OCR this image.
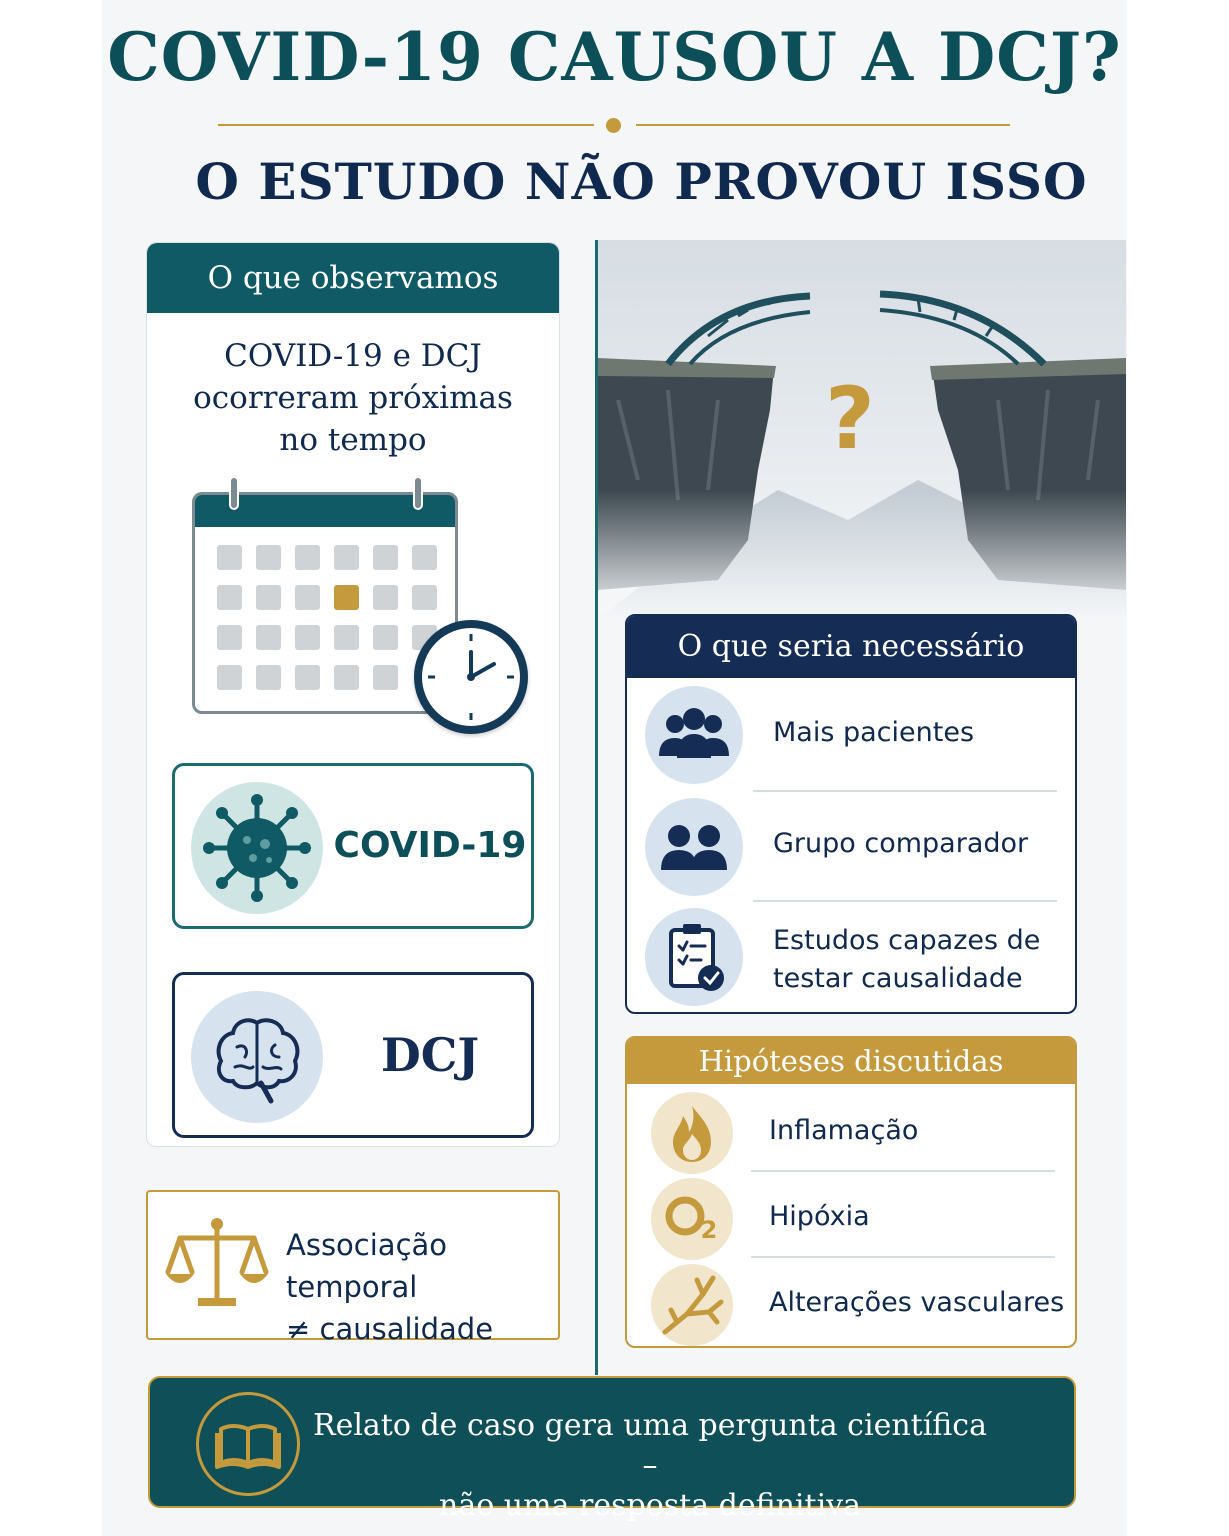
COVID-19 CAUSOU A DCJ?
O ESTUDO NÃO PROVOU ISSO
O que observamos
COVID-19 e DCJ
ocorreram próximas
no tempo
COVID-19
DCJ
Associação temporal
≠ causalidade
?
O que seria necessário
Mais pacientes
Grupo comparador
Estudos capazes de
testar causalidade
Hipóteses discutidas
Inflamação
2 Hipóxia
Alterações vasculares
Relato de caso gera uma pergunta científica –
não uma resposta definitiva
